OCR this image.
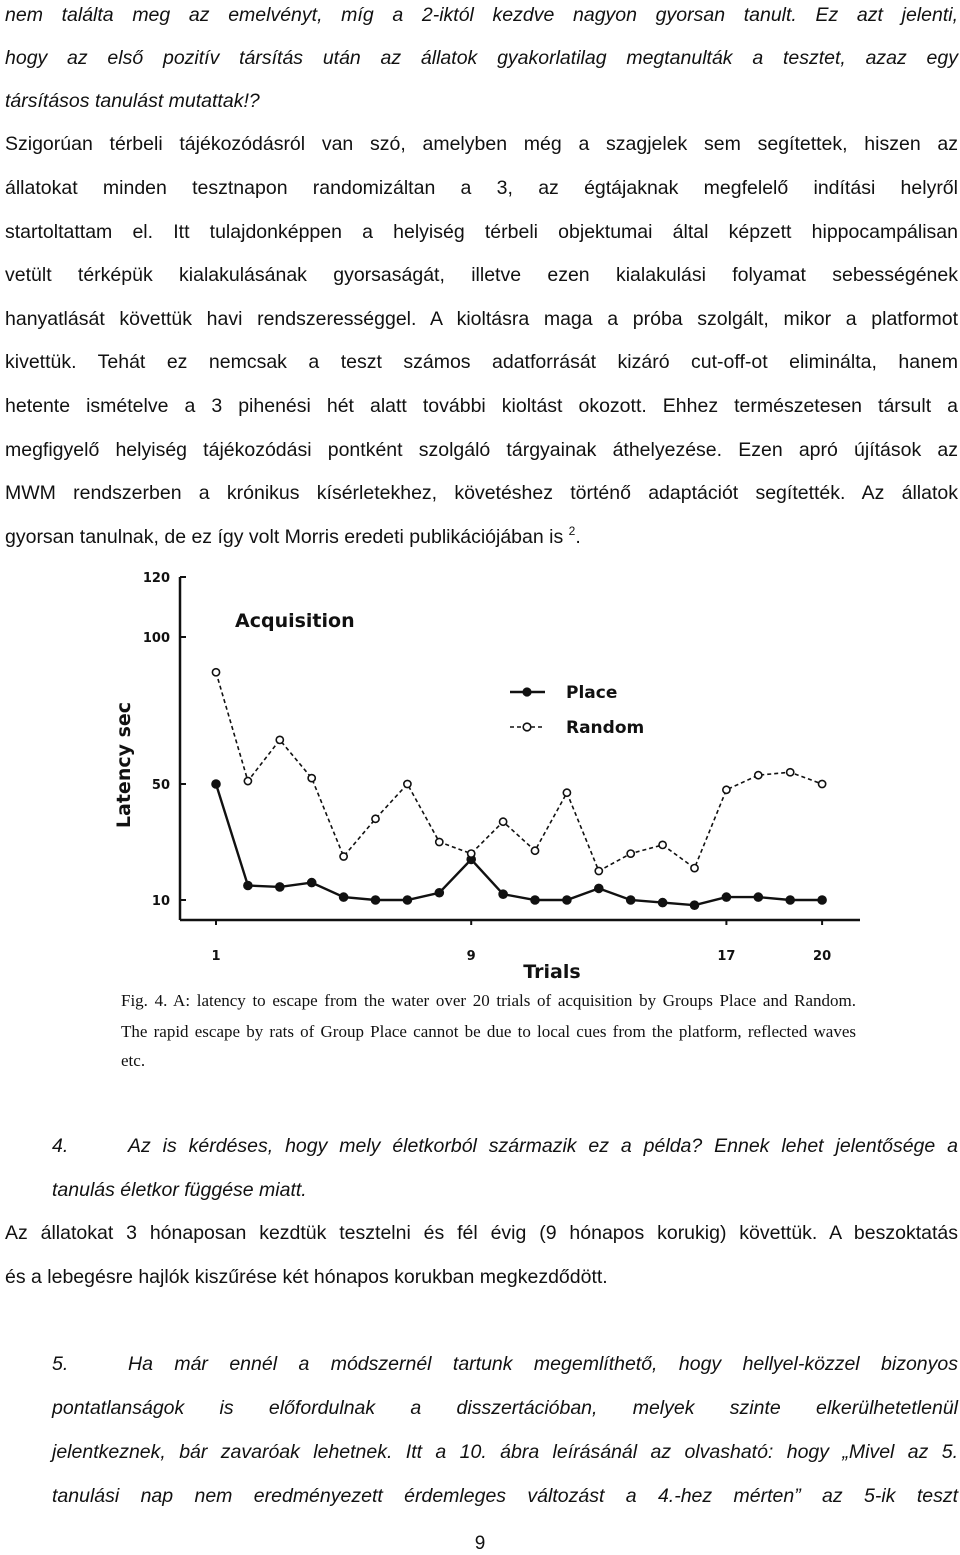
nem találta meg az emelvényt, míg a 2-iktól kezdve nagyon gyorsan tanult. Ez azt jelenti,
hogy az első pozitív társítás után az állatok gyakorlatilag megtanulták a tesztet, azaz egy
társításos tanulást mutattak!?
Szigorúan térbeli tájékozódásról van szó, amelyben még a szagjelek sem segítettek, hiszen az
állatokat minden tesztnapon randomizáltan a 3, az égtájaknak megfelelő indítási helyről
startoltattam el. Itt tulajdonképpen a helyiség térbeli objektumai által képzett hippocampálisan
vetült térképük kialakulásának gyorsaságát, illetve ezen kialakulási folyamat sebességének
hanyatlását követtük havi rendszerességgel. A kioltásra maga a próba szolgált, mikor a platformot
kivettük. Tehát ez nemcsak a teszt számos adatforrását kizáró cut-off-ot eliminálta, hanem
hetente ismételve a 3 pihenési hét alatt további kioltást okozott. Ehhez természetesen társult a
megfigyelő helyiség tájékozódási pontként szolgáló tárgyainak áthelyezése. Ezen apró újítások az
MWM rendszerben a krónikus kísérletekhez, követéshez történő adaptációt segítették. Az állatok
gyorsan tanulnak, de ez így volt Morris eredeti publikációjában is $^2$.
120
100
50
10
1	9	17	20
Acquisition
Latency sec
Trials
Place
Random
Fig. 4. A: latency to escape from the water over 20 trials of acquisition by Groups Place and Random.
The rapid escape by rats of Group Place cannot be due to local cues from the platform, reflected waves
etc.
4.	Az is kérdéses, hogy mely életkorból származik ez a példa? Ennek lehet jelentősége a
tanulás életkor függése miatt.
Az állatokat 3 hónaposan kezdtük tesztelni és fél évig (9 hónapos korukig) követtük. A beszoktatás
és a lebegésre hajlók kiszűrése két hónapos korukban megkezdődött.
5.	Ha már ennél a módszernél tartunk megemlíthető, hogy hellyel-közzel bizonyos
pontatlanságok is előfordulnak a disszertációban, melyek szinte elkerülhetetlenül
jelentkeznek, bár zavaróak lehetnek. Itt a 10. ábra leírásánál az olvasható: hogy „Mivel az 5.
tanulási nap nem eredményezett érdemleges változást a 4.-hez mérten” az 5-ik teszt
9
